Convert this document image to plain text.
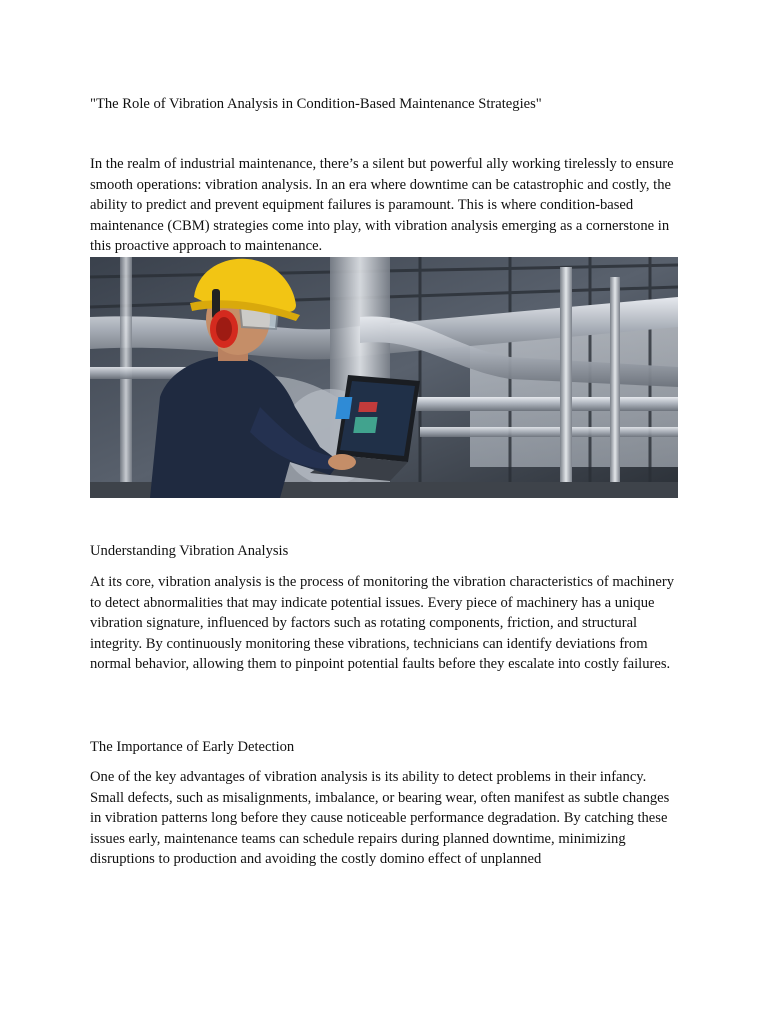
"The Role of Vibration Analysis in Condition-Based Maintenance Strategies"

In the realm of industrial maintenance, there’s a silent but powerful ally working tirelessly to ensure smooth operations: vibration analysis. In an era where downtime can be catastrophic and costly, the ability to predict and prevent equipment failures is paramount. This is where condition-based maintenance (CBM) strategies come into play, with vibration analysis emerging as a cornerstone in this proactive approach to maintenance.

Understanding Vibration Analysis

At its core, vibration analysis is the process of monitoring the vibration characteristics of machinery to detect abnormalities that may indicate potential issues. Every piece of machinery has a unique vibration signature, influenced by factors such as rotating components, friction, and structural integrity. By continuously monitoring these vibrations, technicians can identify deviations from normal behavior, allowing them to pinpoint potential faults before they escalate into costly failures.

The Importance of Early Detection

One of the key advantages of vibration analysis is its ability to detect problems in their infancy. Small defects, such as misalignments, imbalance, or bearing wear, often manifest as subtle changes in vibration patterns long before they cause noticeable performance degradation. By catching these issues early, maintenance teams can schedule repairs during planned downtime, minimizing disruptions to production and avoiding the costly domino effect of unplanned
